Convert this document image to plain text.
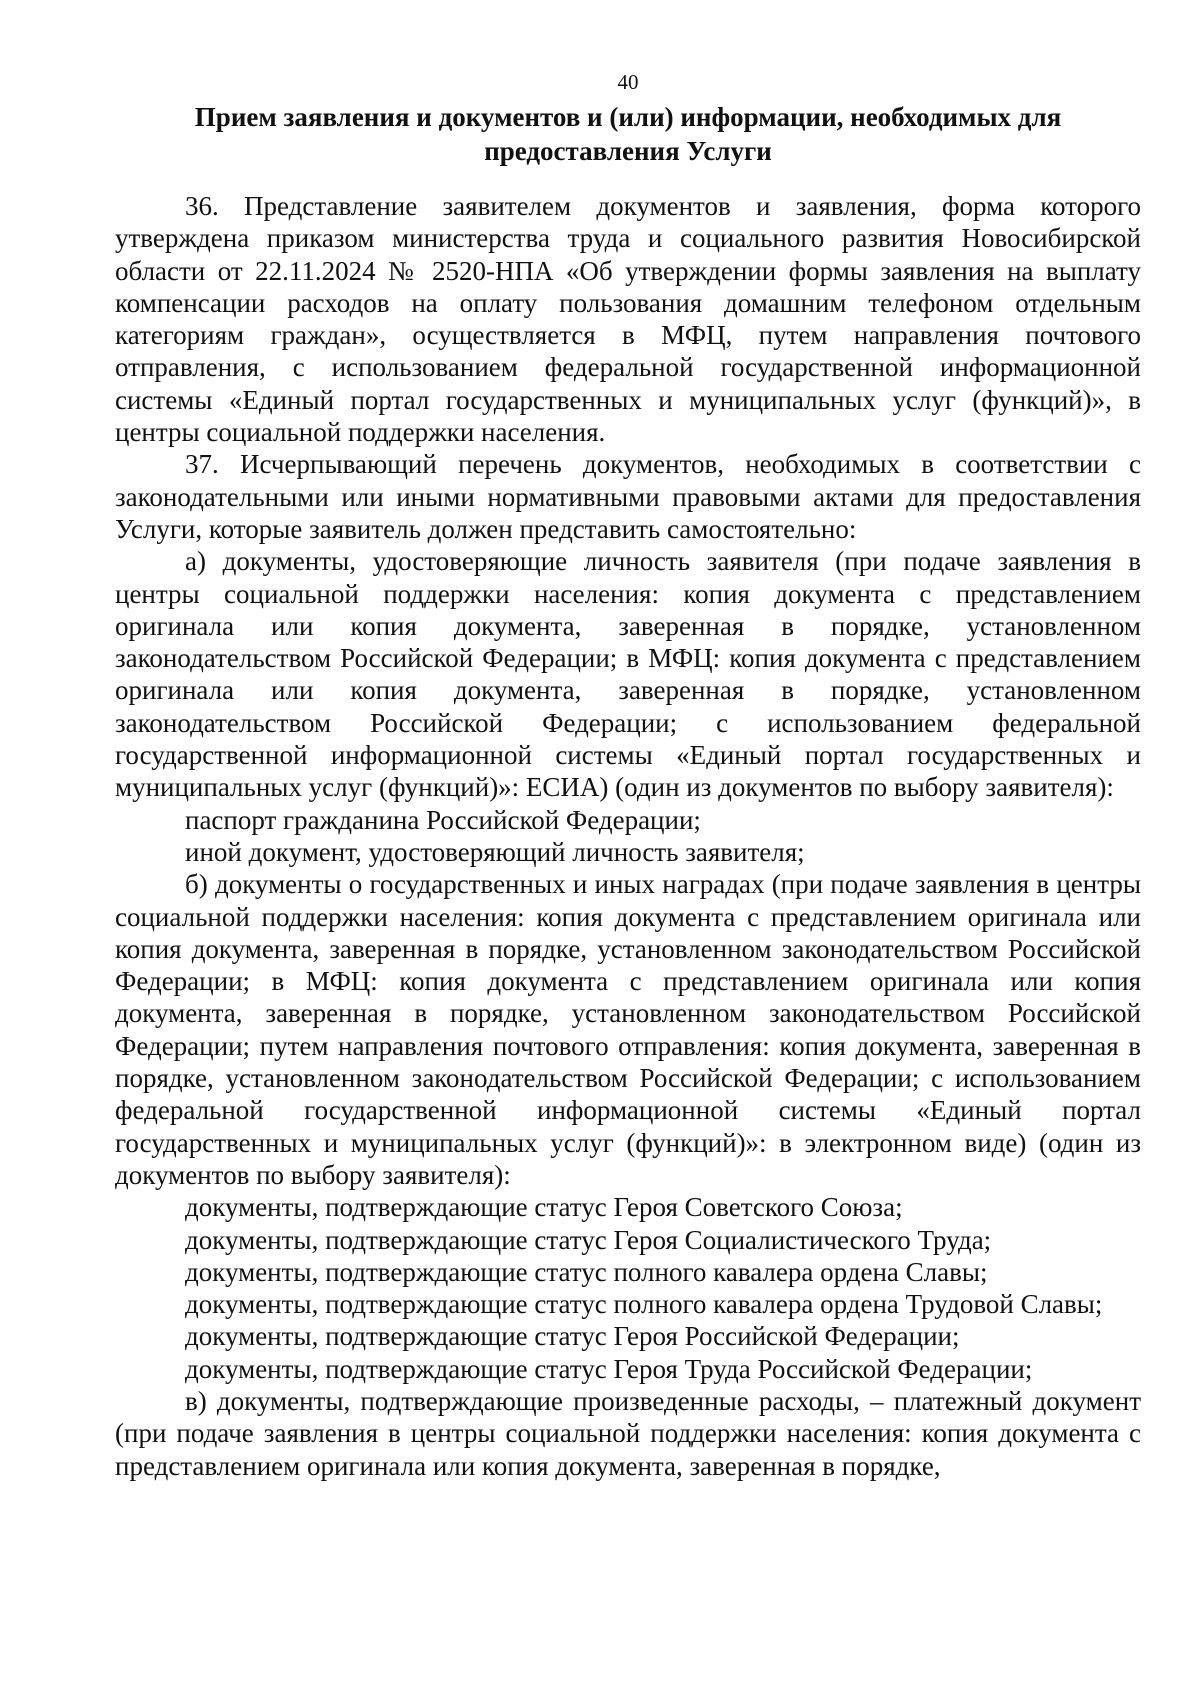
40
Прием заявления и документов и (или) информации, необходимых для предоставления Услуги

36. Представление заявителем документов и заявления, форма которого утверждена приказом министерства труда и социального развития Новосибирской области от 22.11.2024 № 2520-НПА «Об утверждении формы заявления на выплату компенсации расходов на оплату пользования домашним телефоном отдельным категориям граждан», осуществляется в МФЦ, путем направления почтового отправления, с использованием федеральной государственной информационной системы «Единый портал государственных и муниципальных услуг (функций)», в центры социальной поддержки населения.

37. Исчерпывающий перечень документов, необходимых в соответствии с законодательными или иными нормативными правовыми актами для предоставления Услуги, которые заявитель должен представить самостоятельно:

а) документы, удостоверяющие личность заявителя (при подаче заявления в центры социальной поддержки населения: копия документа с представлением оригинала или копия документа, заверенная в порядке, установленном законодательством Российской Федерации; в МФЦ: копия документа с представлением оригинала или копия документа, заверенная в порядке, установленном законодательством Российской Федерации; с использованием федеральной государственной информационной системы «Единый портал государственных и муниципальных услуг (функций)»: ЕСИА) (один из документов по выбору заявителя):

паспорт гражданина Российской Федерации;

иной документ, удостоверяющий личность заявителя;

б) документы о государственных и иных наградах (при подаче заявления в центры социальной поддержки населения: копия документа с представлением оригинала или копия документа, заверенная в порядке, установленном законодательством Российской Федерации; в МФЦ: копия документа с представлением оригинала или копия документа, заверенная в порядке, установленном законодательством Российской Федерации; путем направления почтового отправления: копия документа, заверенная в порядке, установленном законодательством Российской Федерации; с использованием федеральной государственной информационной системы «Единый портал государственных и муниципальных услуг (функций)»: в электронном виде) (один из документов по выбору заявителя):

документы, подтверждающие статус Героя Советского Союза;

документы, подтверждающие статус Героя Социалистического Труда;

документы, подтверждающие статус полного кавалера ордена Славы;

документы, подтверждающие статус полного кавалера ордена Трудовой Славы;

документы, подтверждающие статус Героя Российской Федерации;

документы, подтверждающие статус Героя Труда Российской Федерации;

в) документы, подтверждающие произведенные расходы, – платежный документ (при подаче заявления в центры социальной поддержки населения: копия документа с представлением оригинала или копия документа, заверенная в порядке,
